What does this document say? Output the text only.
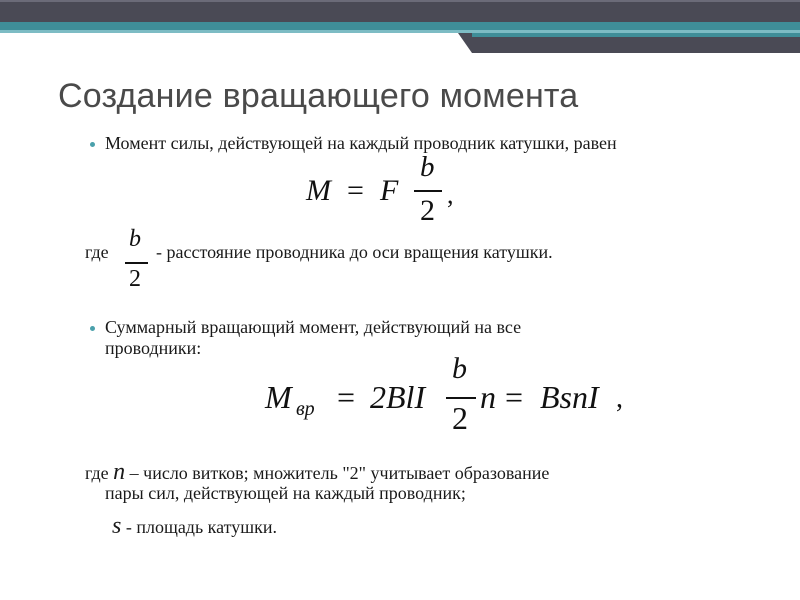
Создание вращающего момента
Момент силы, действующей на каждый проводник катушки, равен
M = F
b
2 ,
где b
2
- расстояние проводника до оси вращения катушки.
Суммарный вращающий момент, действующий на все
проводники:
M вр = 2BlI
b
2
n = BsnI ,
где n – число витков; множитель "2" учитывает образование
пары сил, действующей на каждый проводник;
s - площадь катушки.
